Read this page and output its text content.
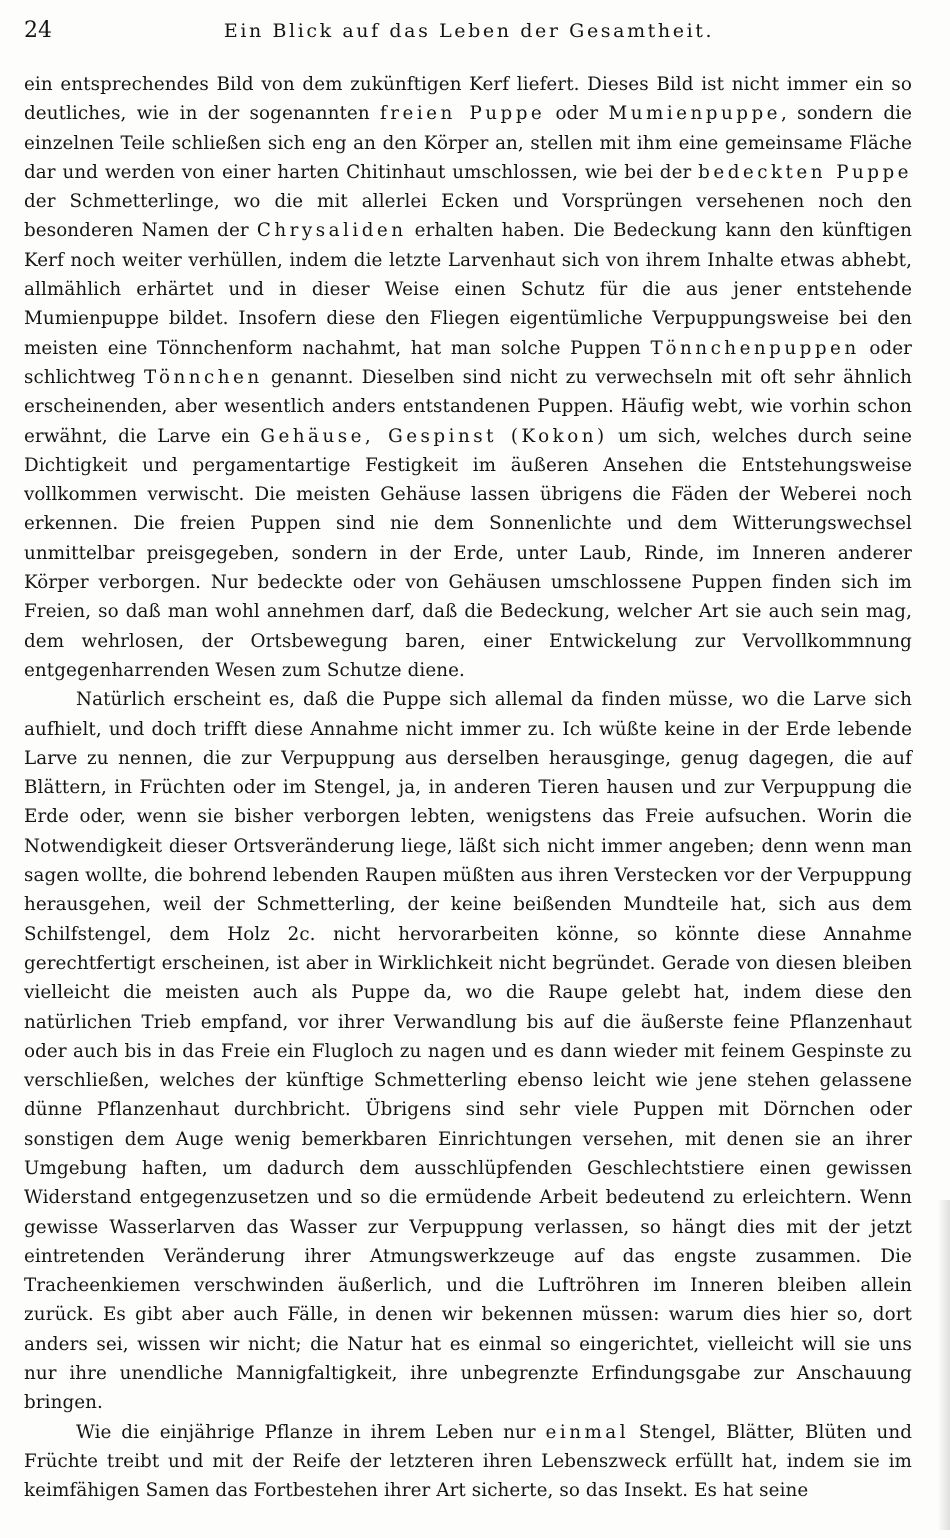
24	Ein Blick auf das Leben der Gesamtheit.

ein entsprechendes Bild von dem zukünftigen Kerf liefert. Dieses Bild ist nicht immer ein so deutliches, wie in der sogenannten freien Puppe oder Mumienpuppe, sondern die einzelnen Teile schließen sich eng an den Körper an, stellen mit ihm eine gemeinsame Fläche dar und werden von einer harten Chitinhaut umschlossen, wie bei der bedeckten Puppe der Schmetterlinge, wo die mit allerlei Ecken und Vorsprüngen versehenen noch den besonderen Namen der Chrysaliden erhalten haben. Die Bedeckung kann den künftigen Kerf noch weiter verhüllen, indem die letzte Larvenhaut sich von ihrem Inhalte etwas abhebt, allmählich erhärtet und in dieser Weise einen Schutz für die aus jener entstehende Mumienpuppe bildet. Insofern diese den Fliegen eigentümliche Verpuppungsweise bei den meisten eine Tönnchenform nachahmt, hat man solche Puppen Tönnchenpuppen oder schlichtweg Tönnchen genannt. Dieselben sind nicht zu verwechseln mit oft sehr ähnlich erscheinenden, aber wesentlich anders entstandenen Puppen. Häufig webt, wie vorhin schon erwähnt, die Larve ein Gehäuse, Gespinst (Kokon) um sich, welches durch seine Dichtigkeit und pergamentartige Festigkeit im äußeren Ansehen die Entstehungsweise vollkommen verwischt. Die meisten Gehäuse lassen übrigens die Fäden der Weberei noch erkennen. Die freien Puppen sind nie dem Sonnenlichte und dem Witterungswechsel unmittelbar preisgegeben, sondern in der Erde, unter Laub, Rinde, im Inneren anderer Körper verborgen. Nur bedeckte oder von Gehäusen umschlossene Puppen finden sich im Freien, so daß man wohl annehmen darf, daß die Bedeckung, welcher Art sie auch sein mag, dem wehrlosen, der Ortsbewegung baren, einer Entwickelung zur Vervollkommnung entgegenharrenden Wesen zum Schutze diene.

Natürlich erscheint es, daß die Puppe sich allemal da finden müsse, wo die Larve sich aufhielt, und doch trifft diese Annahme nicht immer zu. Ich wüßte keine in der Erde lebende Larve zu nennen, die zur Verpuppung aus derselben herausginge, genug dagegen, die auf Blättern, in Früchten oder im Stengel, ja, in anderen Tieren hausen und zur Verpuppung die Erde oder, wenn sie bisher verborgen lebten, wenigstens das Freie aufsuchen. Worin die Notwendigkeit dieser Ortsveränderung liege, läßt sich nicht immer angeben; denn wenn man sagen wollte, die bohrend lebenden Raupen müßten aus ihren Verstecken vor der Verpuppung herausgehen, weil der Schmetterling, der keine beißenden Mundteile hat, sich aus dem Schilfstengel, dem Holz 2c. nicht hervorarbeiten könne, so könnte diese Annahme gerechtfertigt erscheinen, ist aber in Wirklichkeit nicht begründet. Gerade von diesen bleiben vielleicht die meisten auch als Puppe da, wo die Raupe gelebt hat, indem diese den natürlichen Trieb empfand, vor ihrer Verwandlung bis auf die äußerste feine Pflanzenhaut oder auch bis in das Freie ein Flugloch zu nagen und es dann wieder mit feinem Gespinste zu verschließen, welches der künftige Schmetterling ebenso leicht wie jene stehen gelassene dünne Pflanzenhaut durchbricht. Übrigens sind sehr viele Puppen mit Dörnchen oder sonstigen dem Auge wenig bemerkbaren Einrichtungen versehen, mit denen sie an ihrer Umgebung haften, um dadurch dem ausschlüpfenden Geschlechtstiere einen gewissen Widerstand entgegenzusetzen und so die ermüdende Arbeit bedeutend zu erleichtern. Wenn gewisse Wasserlarven das Wasser zur Verpuppung verlassen, so hängt dies mit der jetzt eintretenden Veränderung ihrer Atmungswerkzeuge auf das engste zusammen. Die Tracheenkiemen verschwinden äußerlich, und die Luftröhren im Inneren bleiben allein zurück. Es gibt aber auch Fälle, in denen wir bekennen müssen: warum dies hier so, dort anders sei, wissen wir nicht; die Natur hat es einmal so eingerichtet, vielleicht will sie uns nur ihre unendliche Mannigfaltigkeit, ihre unbegrenzte Erfindungsgabe zur Anschauung bringen.

Wie die einjährige Pflanze in ihrem Leben nur einmal Stengel, Blätter, Blüten und Früchte treibt und mit der Reife der letzteren ihren Lebenszweck erfüllt hat, indem sie im keimfähigen Samen das Fortbestehen ihrer Art sicherte, so das Insekt. Es hat seine
